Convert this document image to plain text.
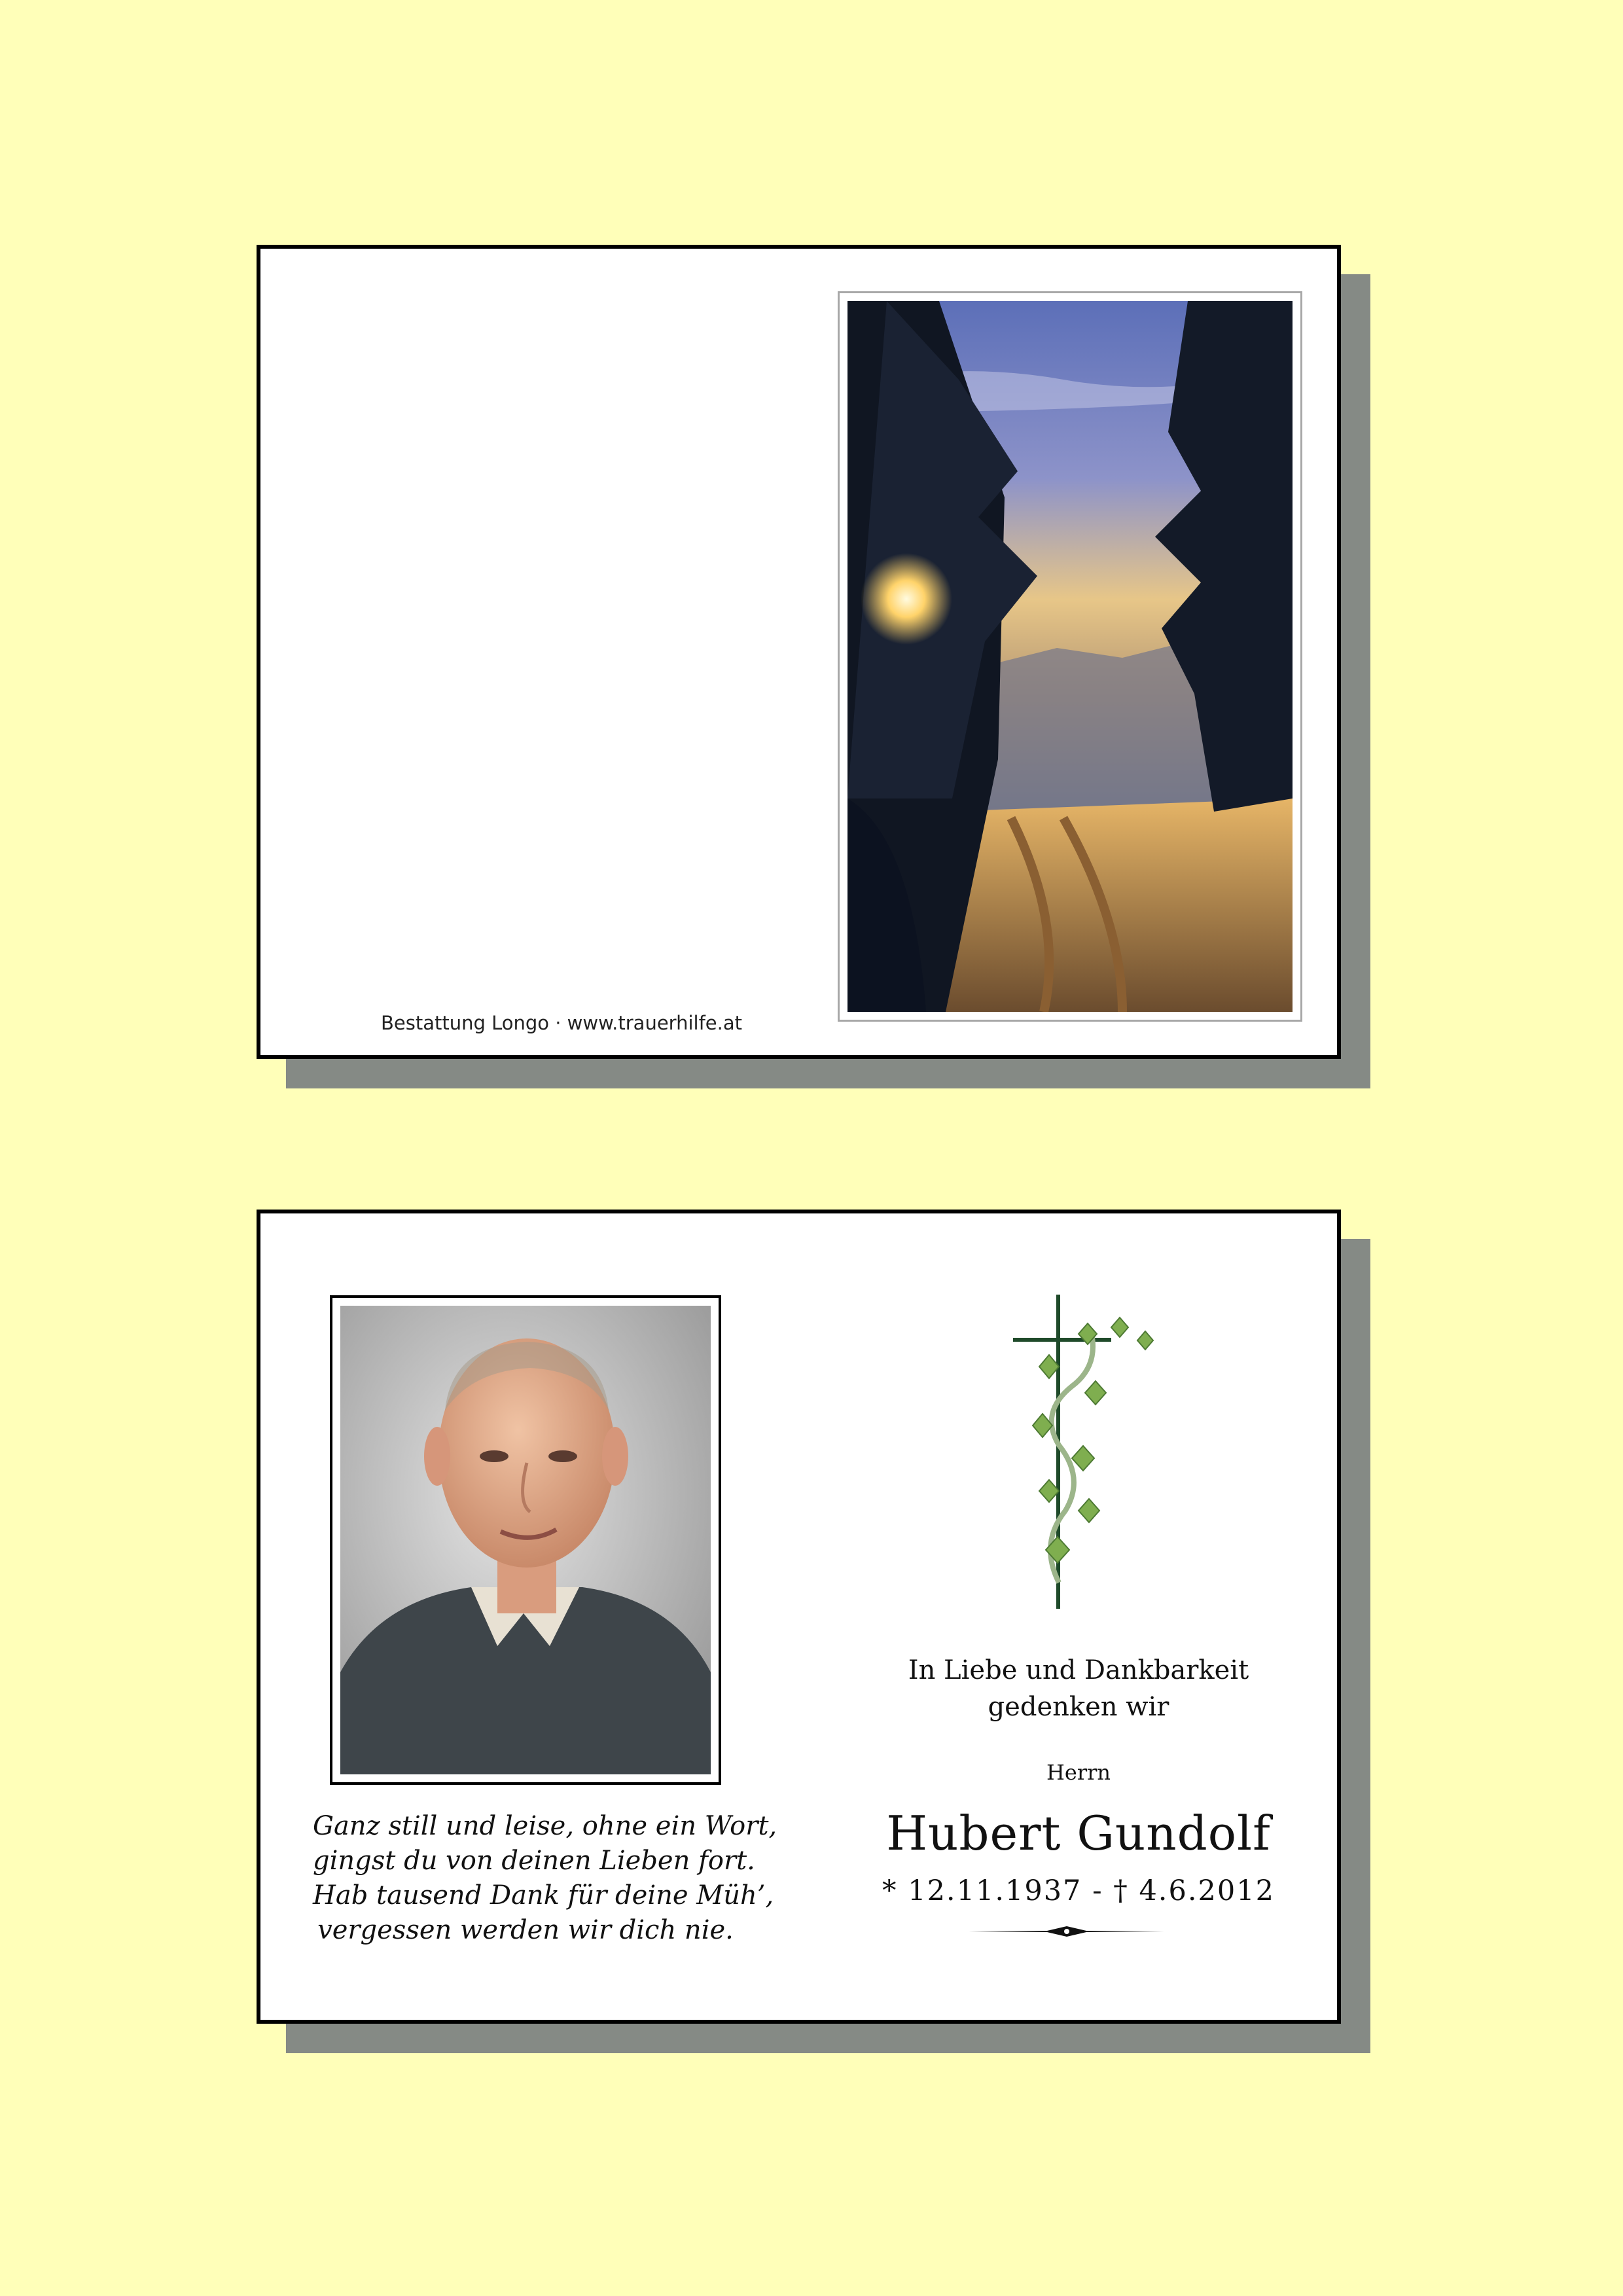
Bestattung Longo · www.trauerhilfe.at
Ganz still und leise, ohne ein Wort,
gingst du von deinen Lieben fort.
Hab tausend Dank für deine Müh’,
vergessen werden wir dich nie.
In Liebe und Dankbarkeit
gedenken wir
Herrn
Hubert Gundolf
* 12.11.1937 - † 4.6.2012
